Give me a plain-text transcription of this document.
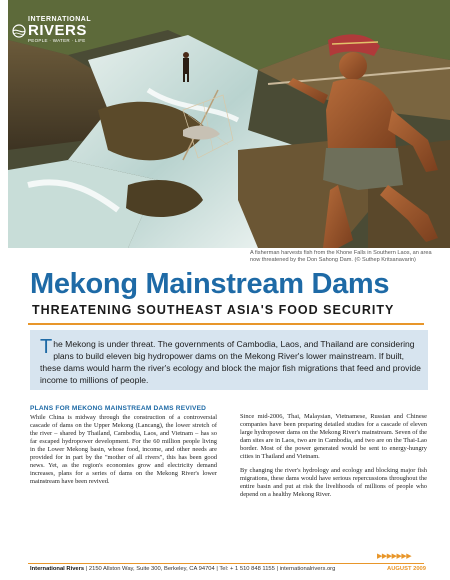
INTERNATIONAL
RIVERS
PEOPLE · WATER · LIFE
A fisherman harvests fish from the Khone Falls in Southern Laos, an area now threatened by the Don Sahong Dam. (© Suthep Kritsanavarin)
Mekong Mainstream Dams
THREATENING SOUTHEAST ASIA'S FOOD SECURITY

The Mekong is under threat. The governments of Cambodia, Laos, and Thailand are considering plans to build eleven big hydropower dams on the Mekong River's lower mainstream. If built, these dams would harm the river's ecology and block the major fish migrations that feed and provide income to millions of people.

PLANS FOR MEKONG MAINSTREAM DAMS REVIVED

While China is midway through the construction of a controversial cascade of dams on the Upper Mekong (Lancang), the lower stretch of the river – shared by Thailand, Cambodia, Laos, and Vietnam – has so far escaped hydropower development. For the 60 million people living in the Lower Mekong basin, whose food, income, and other needs are provided for in part by the "mother of all rivers", this has been good news. Yet, as the region's economies grow and electricity demand increases, plans for a series of dams on the Mekong River's lower mainstream have been revived.

Since mid-2006, Thai, Malaysian, Vietnamese, Russian and Chinese companies have been preparing detailed studies for a cascade of eleven large hydropower dams on the Mekong River's mainstream. Seven of the dam sites are in Laos, two are in Cambodia, and two are on the Thai-Lao border. Most of the power generated would be sent to energy-hungry cities in Thailand and Vietnam.

By changing the river's hydrology and ecology and blocking major fish migrations, these dams would have serious repercussions throughout the entire basin and put at risk the livelihoods of millions of people who depend on a healthy Mekong River.

▶▶▶▶▶▶▶
International Rivers | 2150 Allston Way, Suite 300, Berkeley, CA 94704 | Tel: + 1 510 848 1155 | internationalrivers.org	AUGUST 2009
